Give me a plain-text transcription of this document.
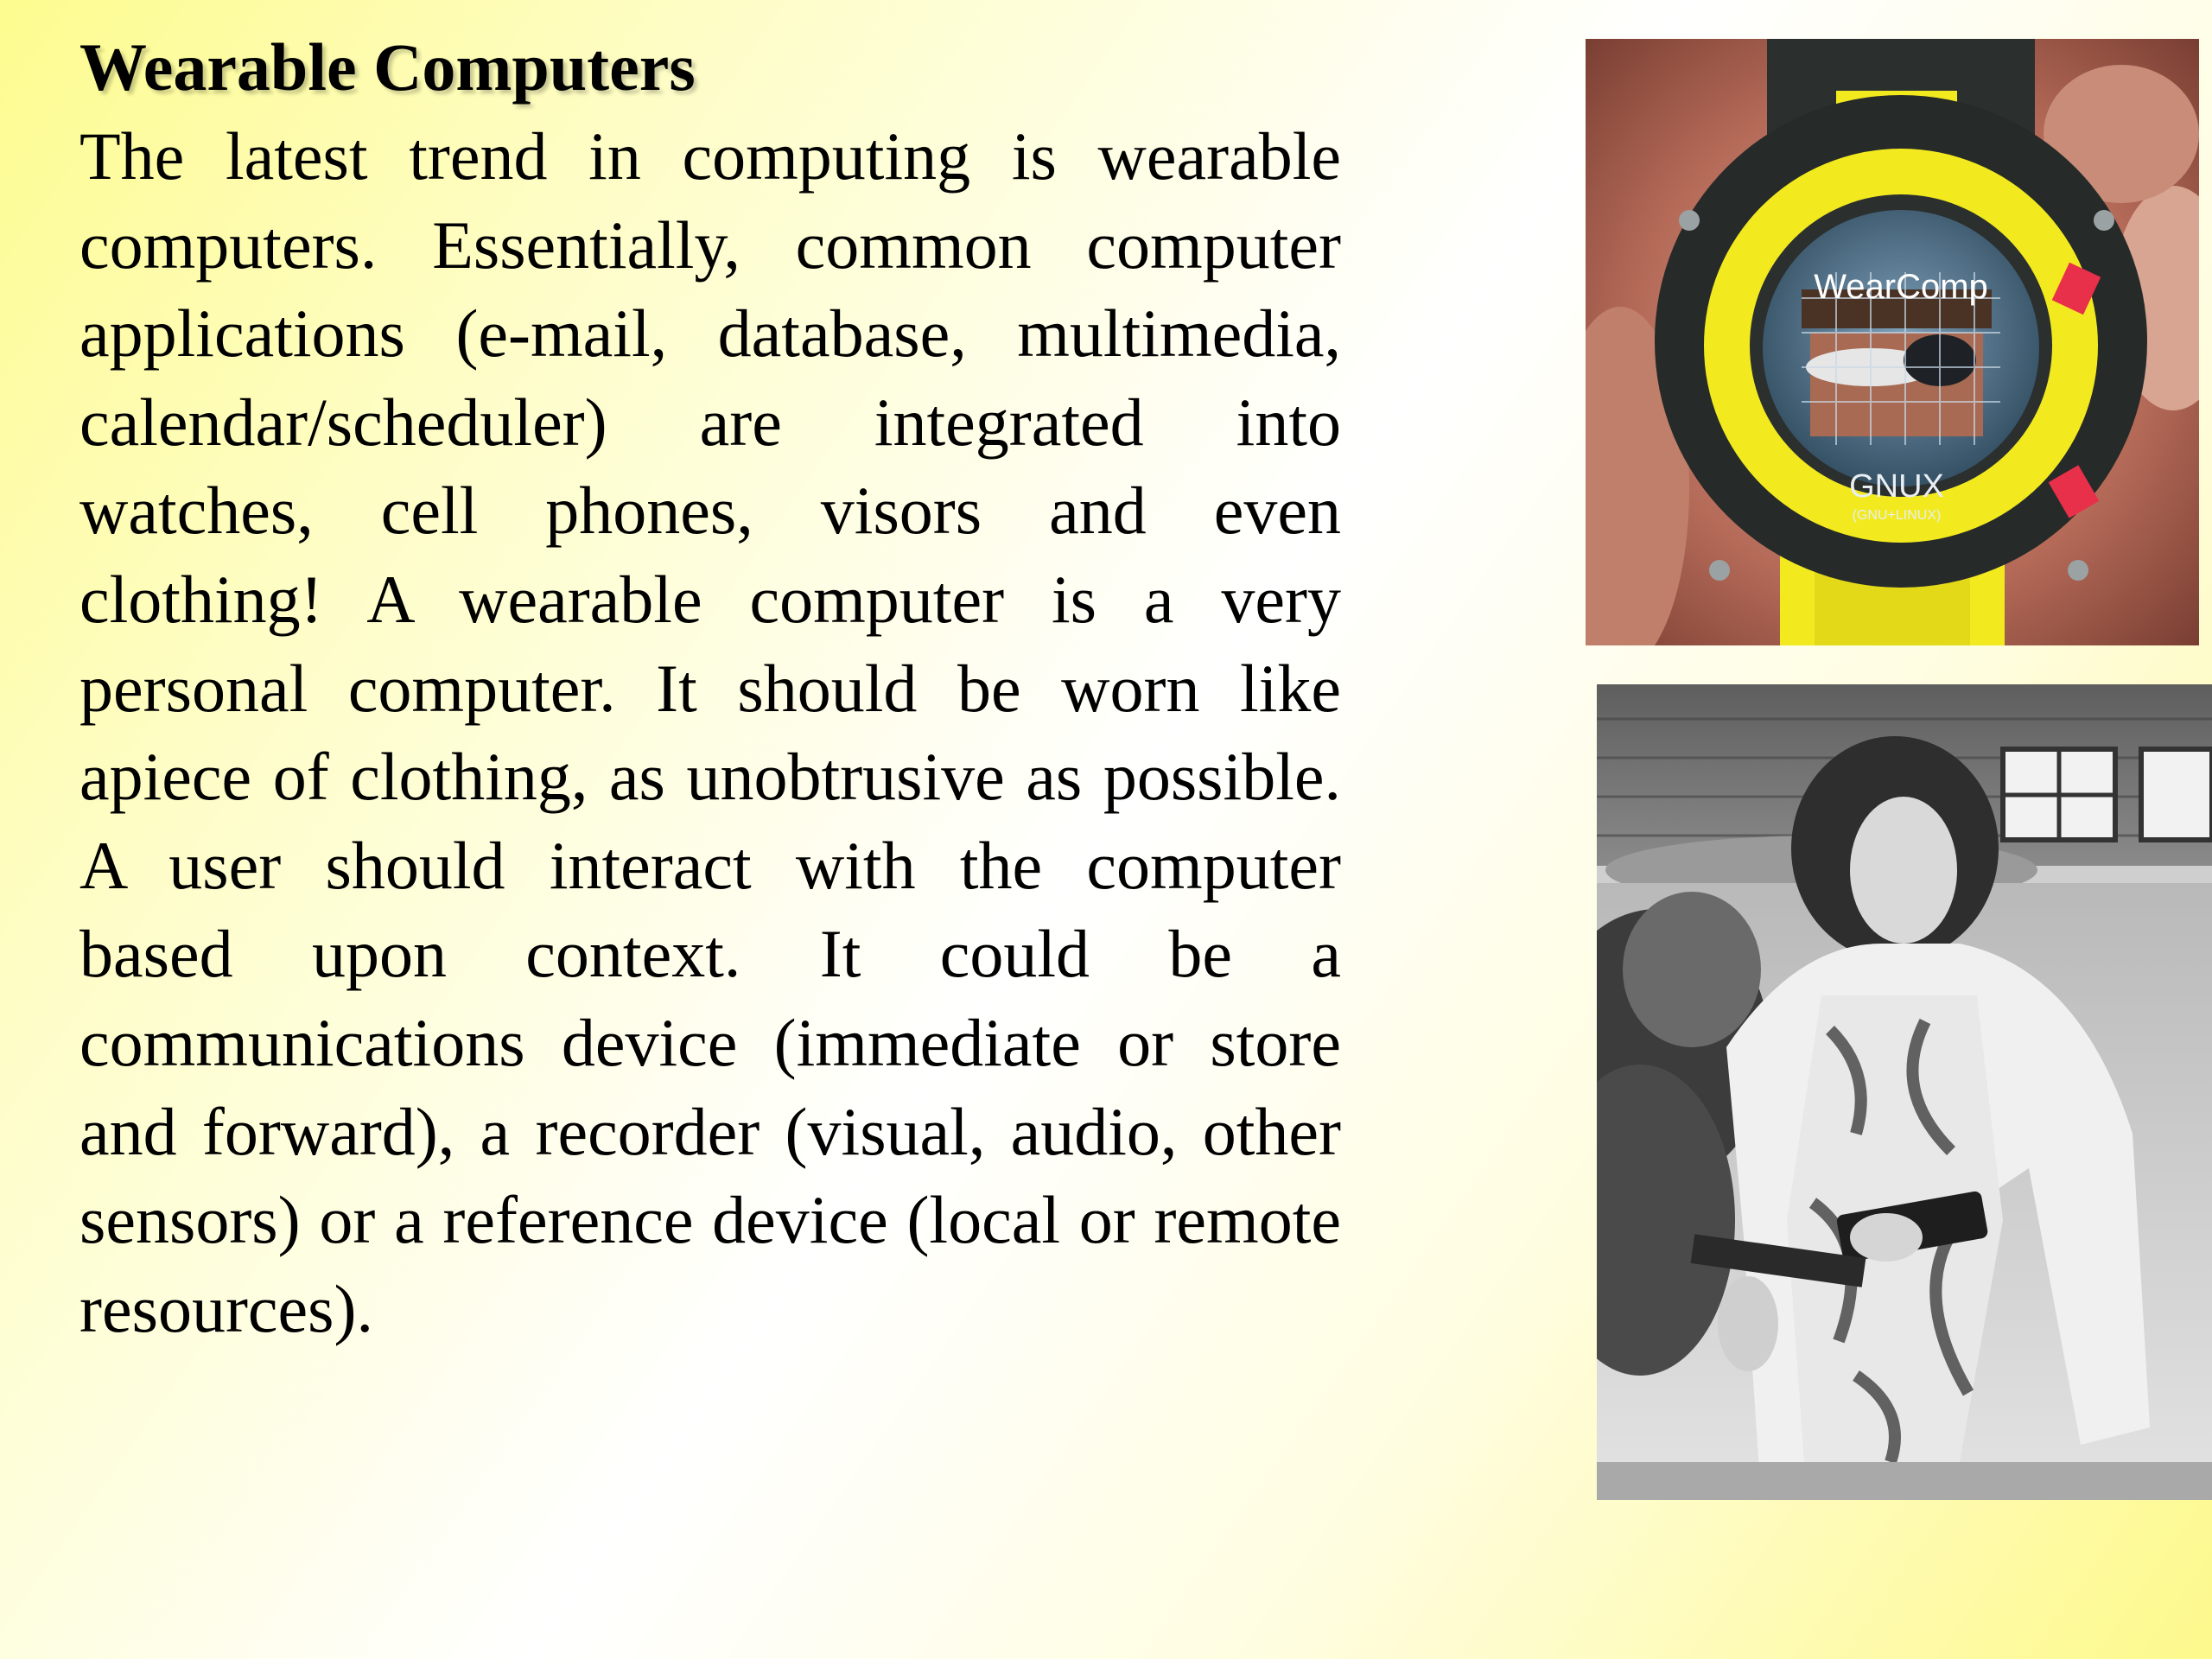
Wearable Computers

The latest trend in computing is wearable computers. Essentially, common computer applications (e-mail, database, multimedia, calendar/scheduler) are integrated into watches, cell phones, visors and even clothing! A wearable computer is a very personal computer. It should be worn like apiece of clothing, as unobtrusive as possible. A user should interact with the computer based upon context. It could be a communications device (immediate or store and forward), a recorder (visual, audio, other sensors) or a reference device (local or remote resources).

WearComp
GNUX
(GNU+LINUX)
